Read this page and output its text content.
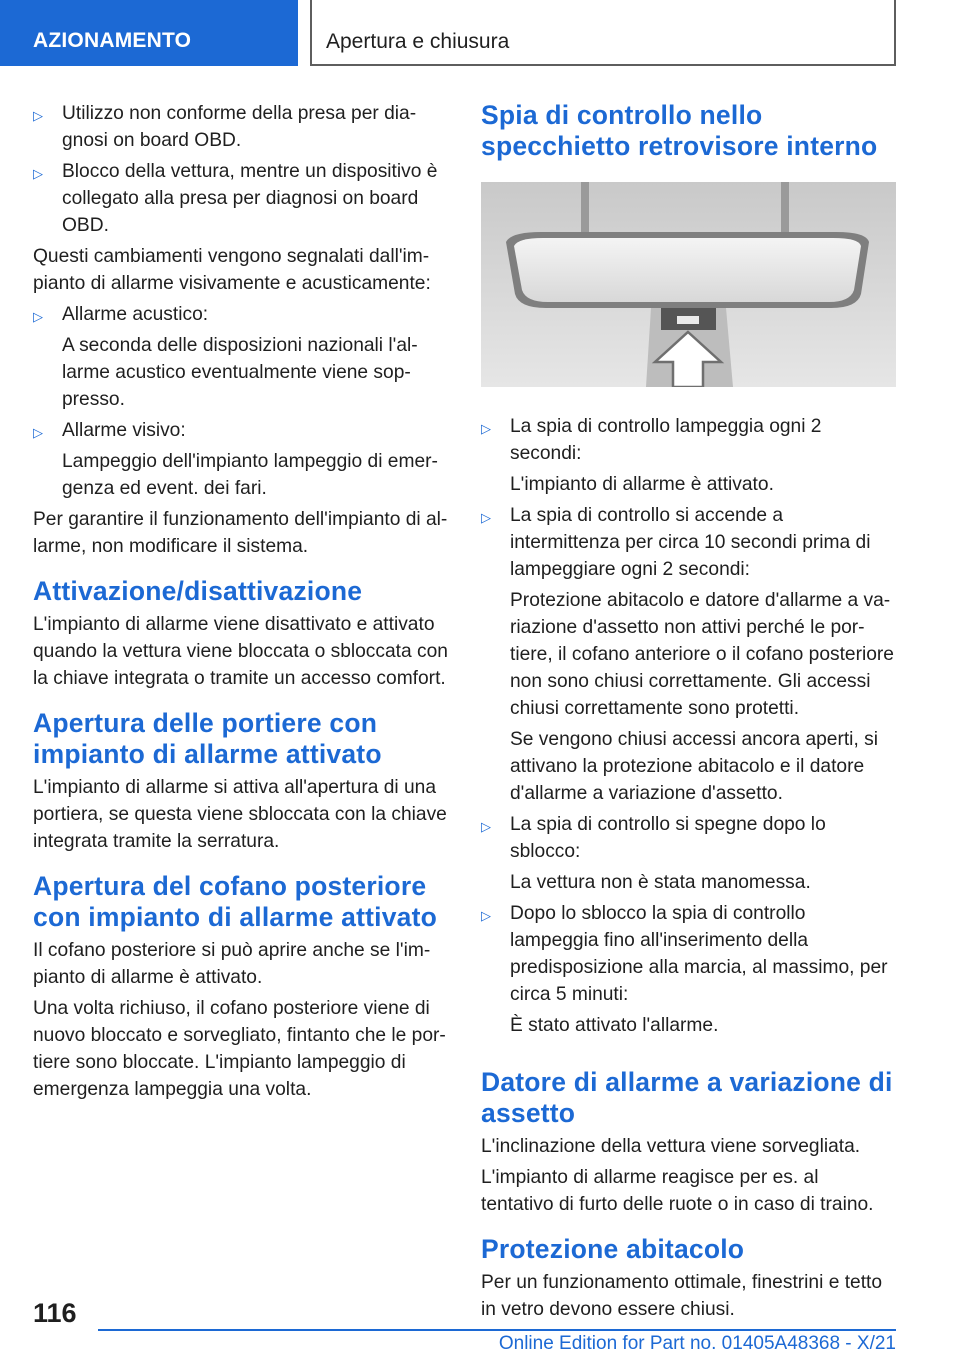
AZIONAMENTO	Apertura e chiusura
▷ Utilizzo non conforme della presa per dia-gnosi on board OBD.
▷ Blocco della vettura, mentre un dispositivo è collegato alla presa per diagnosi on board OBD.

Questi cambiamenti vengono segnalati dall'im-pianto di allarme visivamente e acusticamente:

▷ Allarme acustico:
A seconda delle disposizioni nazionali l'al-larme acustico eventualmente viene sop-presso.
▷ Allarme visivo:
Lampeggio dell'impianto lampeggio di emer-genza ed event. dei fari.

Per garantire il funzionamento dell'impianto di al-larme, non modificare il sistema.

Attivazione/disattivazione

L'impianto di allarme viene disattivato e attivato quando la vettura viene bloccata o sbloccata con la chiave integrata o tramite un accesso comfort.

Apertura delle portiere con impianto di allarme attivato

L'impianto di allarme si attiva all'apertura di una portiera, se questa viene sbloccata con la chiave integrata tramite la serratura.

Apertura del cofano posteriore con impianto di allarme attivato

Il cofano posteriore si può aprire anche se l'im-pianto di allarme è attivato.

Una volta richiuso, il cofano posteriore viene di nuovo bloccato e sorvegliato, fintanto che le por-tiere sono bloccate. L'impianto lampeggio di emergenza lampeggia una volta.

Spia di controllo nello specchietto retrovisore interno
▷ La spia di controllo lampeggia ogni 2 secondi:
L'impianto di allarme è attivato.
▷ La spia di controllo si accende a intermittenza per circa 10 secondi prima di lampeggiare ogni 2 secondi:
Protezione abitacolo e datore d'allarme a va-riazione d'assetto non attivi perché le por-tiere, il cofano anteriore o il cofano posteriore non sono chiusi correttamente. Gli accessi chiusi correttamente sono protetti.
Se vengono chiusi accessi ancora aperti, si attivano la protezione abitacolo e il datore d'allarme a variazione d'assetto.
▷ La spia di controllo si spegne dopo lo sblocco:
La vettura non è stata manomessa.
▷ Dopo lo sblocco la spia di controllo lampeggia fino all'inserimento della predisposizione alla marcia, al massimo, per circa 5 minuti:
È stato attivato l'allarme.
Datore di allarme a variazione di assetto

L'inclinazione della vettura viene sorvegliata.

L'impianto di allarme reagisce per es. al tentativo di furto delle ruote o in caso di traino.

Protezione abitacolo

Per un funzionamento ottimale, finestrini e tetto in vetro devono essere chiusi.

116
Online Edition for Part no. 01405A48368 - X/21
